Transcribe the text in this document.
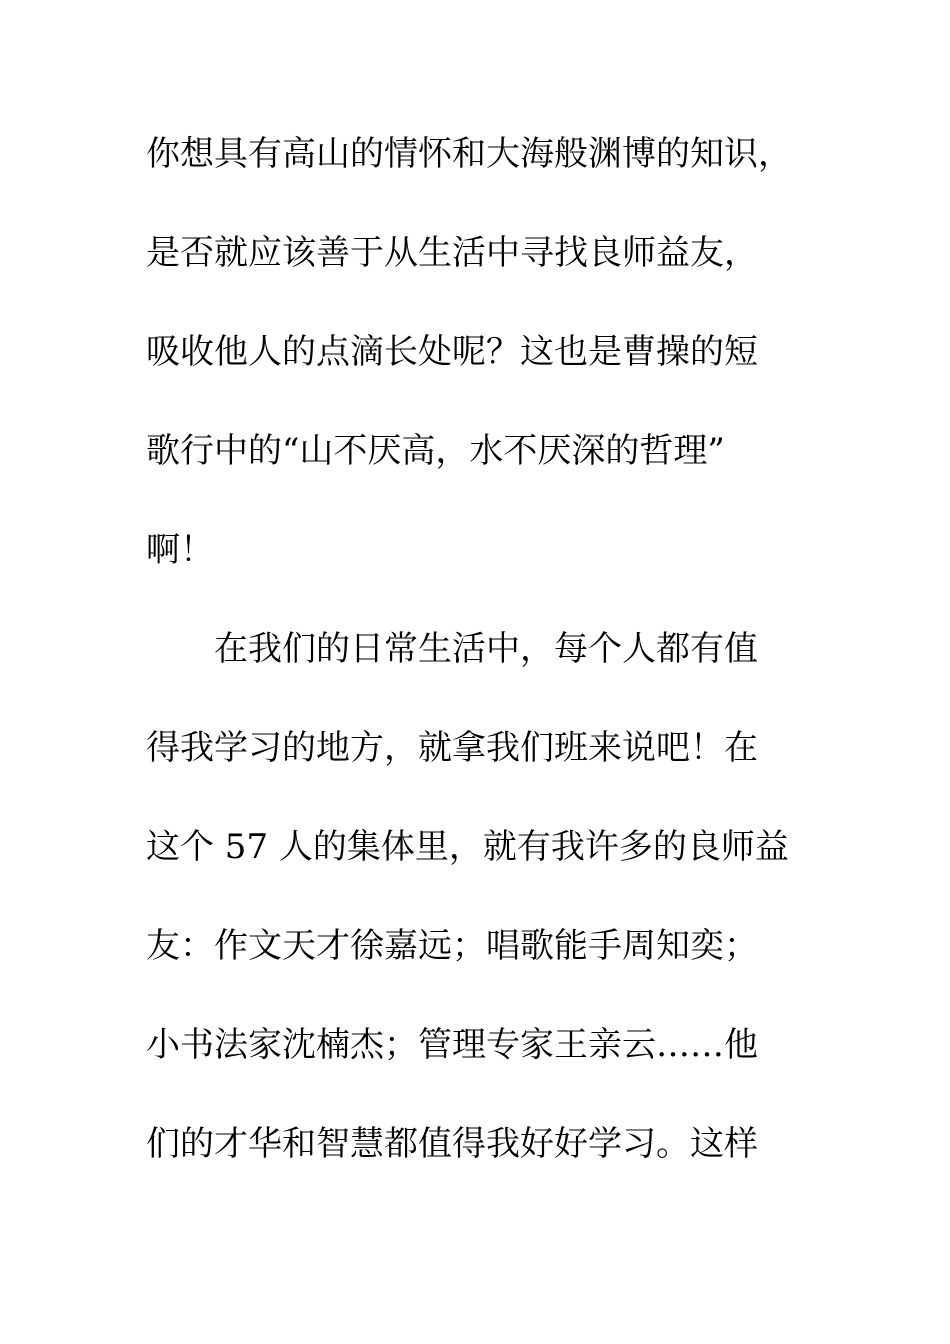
你想具有高山的情怀和大海般渊博的知识，
是否就应该善于从生活中寻找良师益友，
吸收他人的点滴长处呢？这也是曹操的短
歌行中的“山不厌高，水不厌深的哲理”
啊！
在我们的日常生活中，每个人都有值
得我学习的地方，就拿我们班来说吧！在
这个 57 人的集体里，就有我许多的良师益
友：作文天才徐嘉远；唱歌能手周知奕；
小书法家沈楠杰；管理专家王亲云……他
们的才华和智慧都值得我好好学习。这样
